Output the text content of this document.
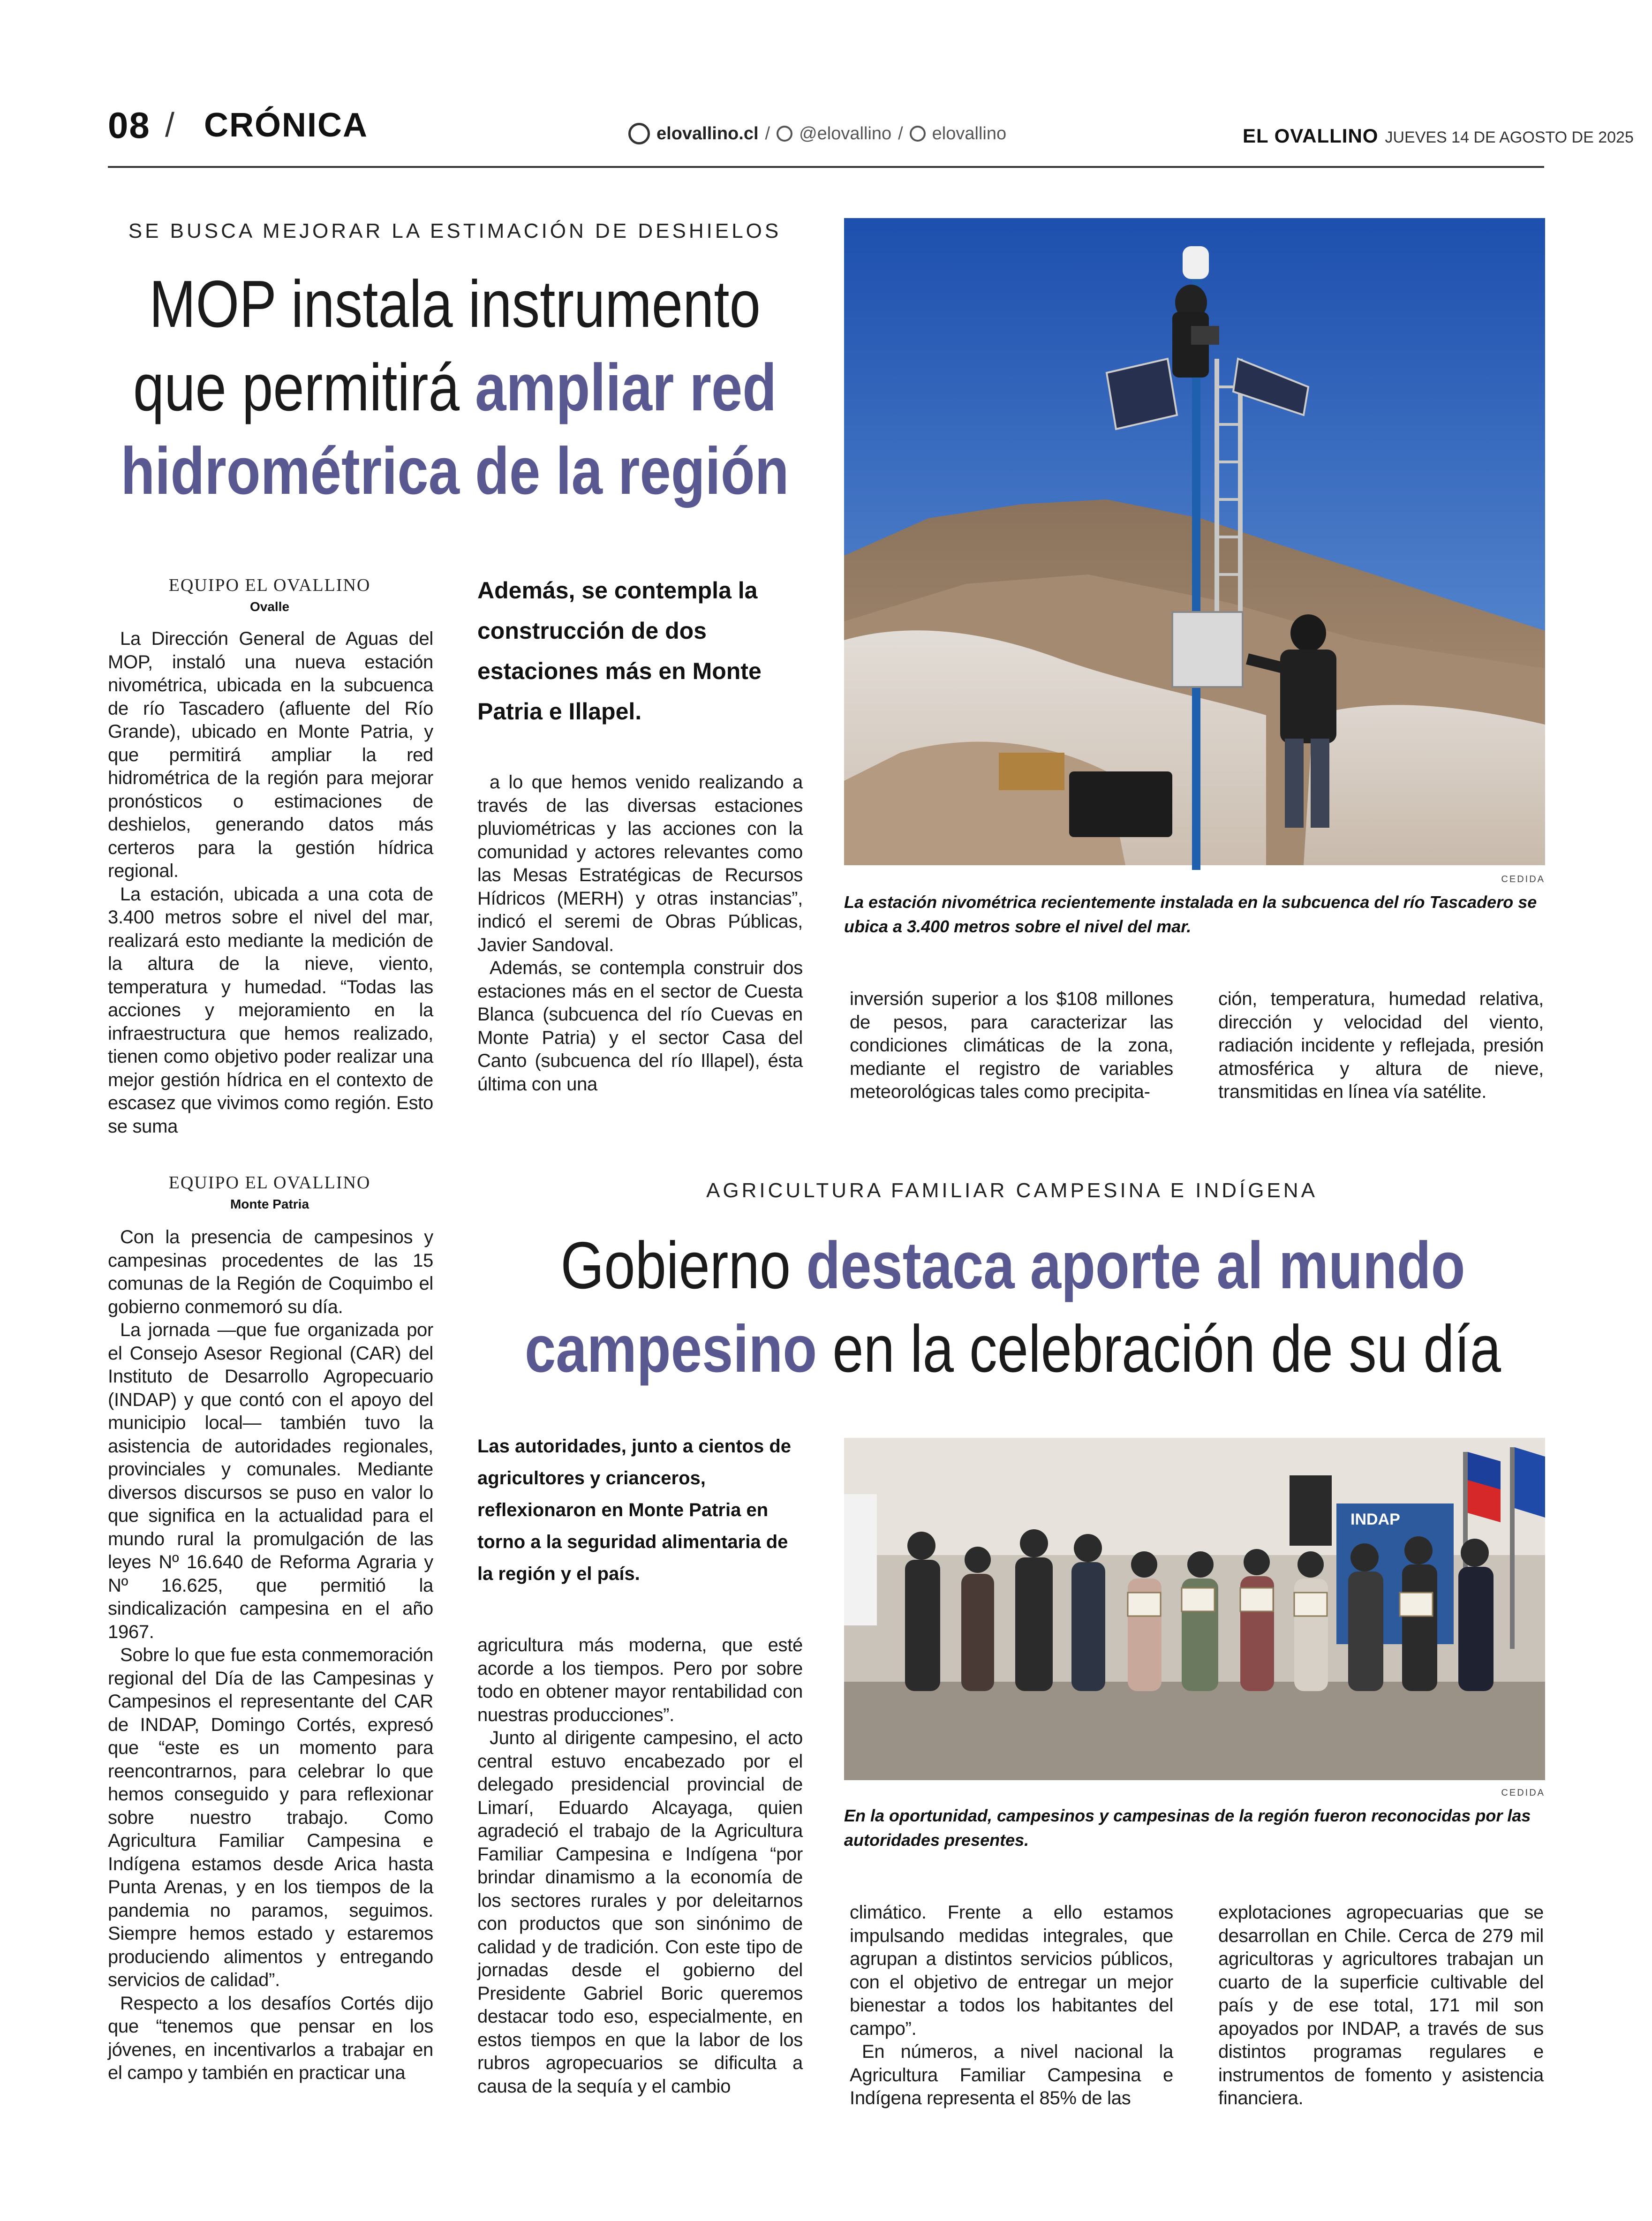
08 / CRÓNICA	elovallino.cl / @elovallino / elovallino	EL OVALLINO JUEVES 14 DE AGOSTO DE 2025
SE BUSCA MEJORAR LA ESTIMACIÓN DE DESHIELOS
MOP instala instrumento
que permitirá ampliar red
hidrométrica de la región
EQUIPO EL OVALLINO
Ovalle
Además, se contempla la construcción de dos estaciones más en Monte Patria e Illapel.

La Dirección General de Aguas del MOP, instaló una nueva estación nivométrica, ubicada en la subcuenca de río Tascadero (afluente del Río Grande), ubicado en Monte Patria, y que permitirá ampliar la red hidrométrica de la región para mejorar pronósticos o estimaciones de deshielos, generando datos más certeros para la gestión hídrica regional.

La estación, ubicada a una cota de 3.400 metros sobre el nivel del mar, realizará esto mediante la medición de la altura de la nieve, viento, temperatura y humedad. “Todas las acciones y mejoramiento en la infraestructura que hemos realizado, tienen como objetivo poder realizar una mejor gestión hídrica en el contexto de escasez que vivimos como región. Esto se suma

a lo que hemos venido realizando a través de las diversas estaciones pluviométricas y las acciones con la comunidad y actores relevantes como las Mesas Estratégicas de Recursos Hídricos (MERH) y otras instancias”, indicó el seremi de Obras Públicas, Javier Sandoval.

Además, se contempla construir dos estaciones más en el sector de Cuesta Blanca (subcuenca del río Cuevas en Monte Patria) y el sector Casa del Canto (subcuenca del río Illapel), ésta última con una

CEDIDA
La estación nivométrica recientemente instalada en la subcuenca del río Tascadero se ubica a 3.400 metros sobre el nivel del mar.

inversión superior a los $108 millones de pesos, para caracterizar las condiciones climáticas de la zona, mediante el registro de variables meteorológicas tales como precipita-

ción, temperatura, humedad relativa, dirección y velocidad del viento, radiación incidente y reflejada, presión atmosférica y altura de nieve, transmitidas en línea vía satélite.

EQUIPO EL OVALLINO
Monte Patria
AGRICULTURA FAMILIAR CAMPESINA E INDÍGENA
Gobierno destaca aporte al mundo
campesino en la celebración de su día

Con la presencia de campesinos y campesinas procedentes de las 15 comunas de la Región de Coquimbo el gobierno conmemoró su día.

La jornada —que fue organizada por el Consejo Asesor Regional (CAR) del Instituto de Desarrollo Agropecuario (INDAP) y que contó con el apoyo del municipio local— también tuvo la asistencia de autoridades regionales, provinciales y comunales. Mediante diversos discursos se puso en valor lo que significa en la actualidad para el mundo rural la promulgación de las leyes Nº 16.640 de Reforma Agraria y Nº 16.625, que permitió la sindicalización campesina en el año 1967.

Sobre lo que fue esta conmemoración regional del Día de las Campesinas y Campesinos el representante del CAR de INDAP, Domingo Cortés, expresó que “este es un momento para reencontrarnos, para celebrar lo que hemos conseguido y para reflexionar sobre nuestro trabajo. Como Agricultura Familiar Campesina e Indígena estamos desde Arica hasta Punta Arenas, y en los tiempos de la pandemia no paramos, seguimos. Siempre hemos estado y estaremos produciendo alimentos y entregando servicios de calidad”.

Respecto a los desafíos Cortés dijo que “tenemos que pensar en los jóvenes, en incentivarlos a trabajar en el campo y también en practicar una

Las autoridades, junto a cientos de agricultores y crianceros, reflexionaron en Monte Patria en torno a la seguridad alimentaria de la región y el país.

agricultura más moderna, que esté acorde a los tiempos. Pero por sobre todo en obtener mayor rentabilidad con nuestras producciones”.

Junto al dirigente campesino, el acto central estuvo encabezado por el delegado presidencial provincial de Limarí, Eduardo Alcayaga, quien agradeció el trabajo de la Agricultura Familiar Campesina e Indígena “por brindar dinamismo a la economía de los sectores rurales y por deleitarnos con productos que son sinónimo de calidad y de tradición. Con este tipo de jornadas desde el gobierno del Presidente Gabriel Boric queremos destacar todo eso, especialmente, en estos tiempos en que la labor de los rubros agropecuarios se dificulta a causa de la sequía y el cambio

INDAP
CEDIDA
En la oportunidad, campesinos y campesinas de la región fueron reconocidas por las autoridades presentes.

climático. Frente a ello estamos impulsando medidas integrales, que agrupan a distintos servicios públicos, con el objetivo de entregar un mejor bienestar a todos los habitantes del campo”.

En números, a nivel nacional la Agricultura Familiar Campesina e Indígena representa el 85% de las

explotaciones agropecuarias que se desarrollan en Chile. Cerca de 279 mil agricultoras y agricultores trabajan un cuarto de la superficie cultivable del país y de ese total, 171 mil son apoyados por INDAP, a través de sus distintos programas regulares e instrumentos de fomento y asistencia financiera.
